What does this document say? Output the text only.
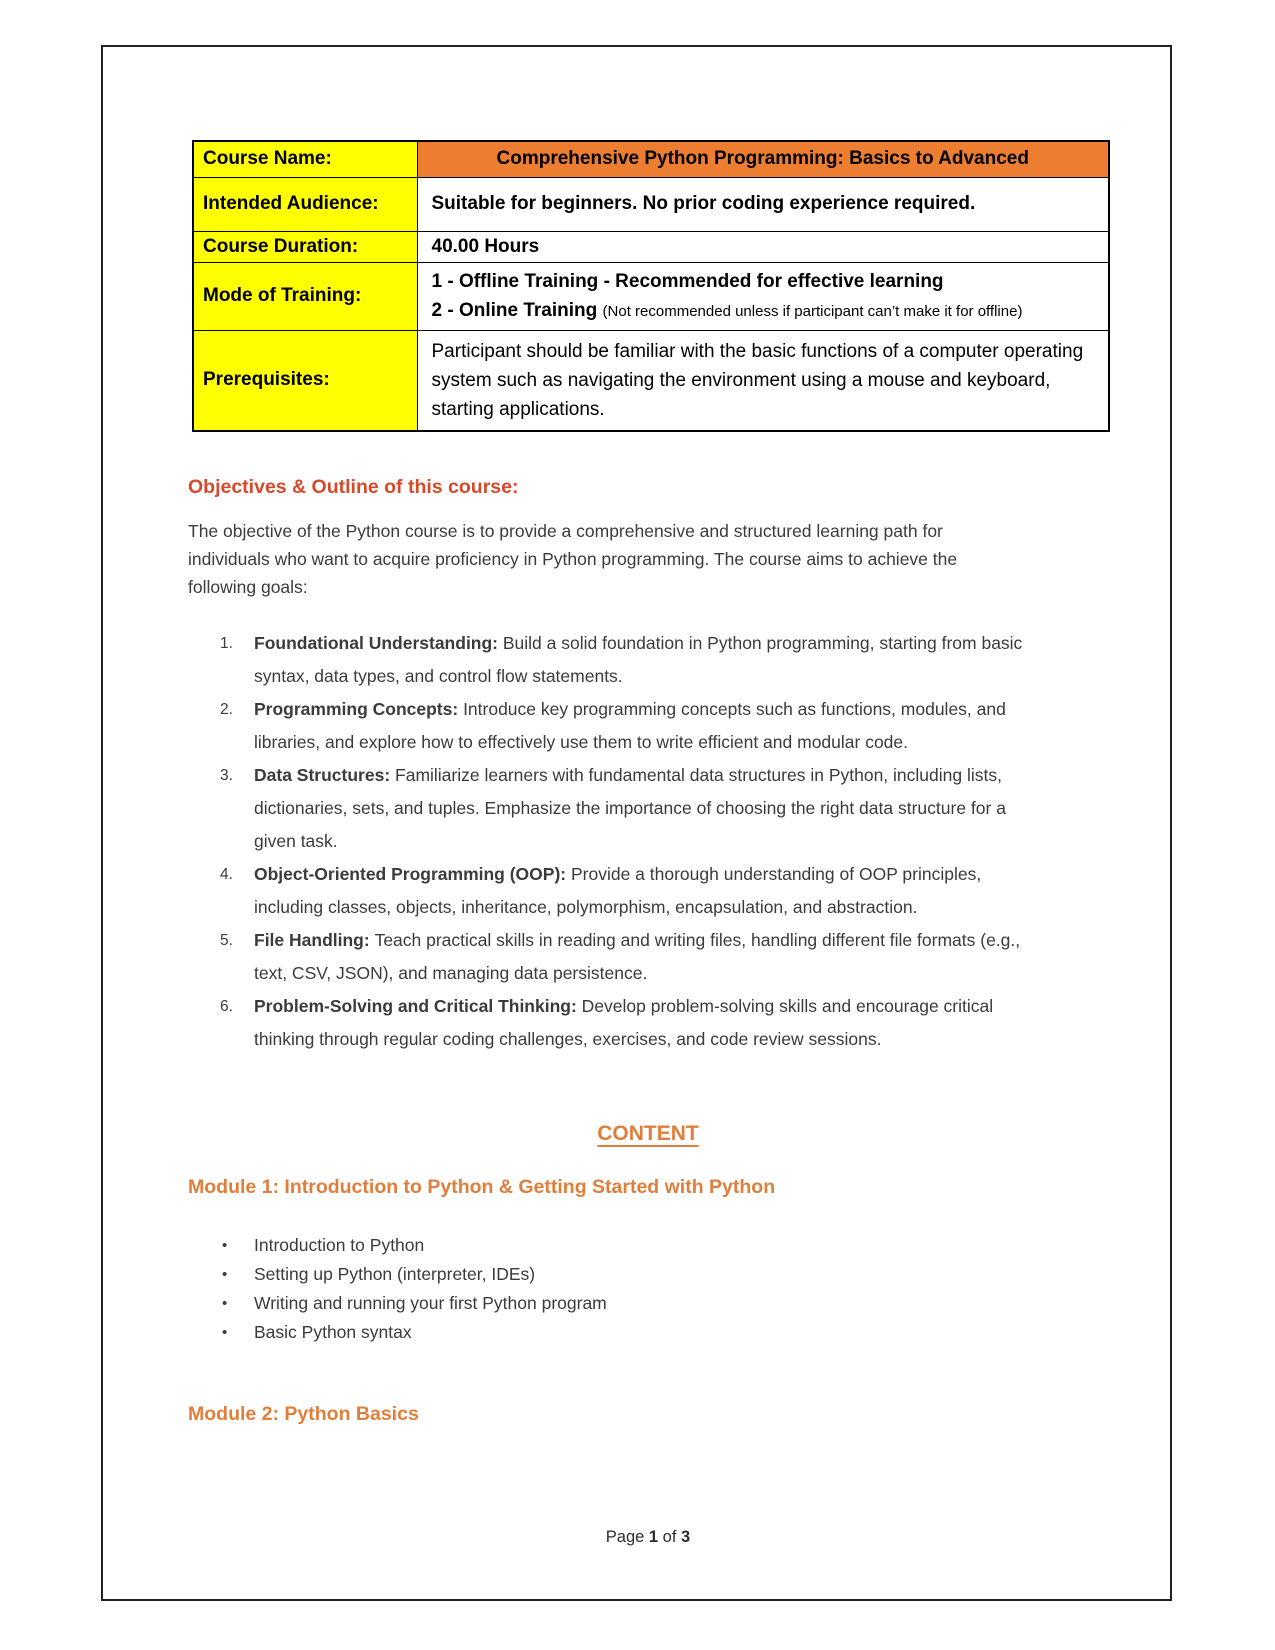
Course Name:	Comprehensive Python Programming: Basics to Advanced
Intended Audience:	Suitable for beginners. No prior coding experience required.
Course Duration:	40.00 Hours
Mode of Training:	1 - Offline Training - Recommended for effective learning
2 - Online Training (Not recommended unless if participant can’t make it for offline)

Prerequisites:	Participant should be familiar with the basic functions of a computer operating system such as navigating the environment using a mouse and keyboard, starting applications.
Objectives & Outline of this course:

The objective of the Python course is to provide a comprehensive and structured learning path for individuals who want to acquire proficiency in Python programming. The course aims to achieve the following goals:

1.	Foundational Understanding: Build a solid foundation in Python programming, starting from basic syntax, data types, and control flow statements.
2.	Programming Concepts: Introduce key programming concepts such as functions, modules, and libraries, and explore how to effectively use them to write efficient and modular code.
3.	Data Structures: Familiarize learners with fundamental data structures in Python, including lists, dictionaries, sets, and tuples. Emphasize the importance of choosing the right data structure for a given task.
4.	Object-Oriented Programming (OOP): Provide a thorough understanding of OOP principles, including classes, objects, inheritance, polymorphism, encapsulation, and abstraction.
5.	File Handling: Teach practical skills in reading and writing files, handling different file formats (e.g., text, CSV, JSON), and managing data persistence.
6.	Problem-Solving and Critical Thinking: Develop problem-solving skills and encourage critical thinking through regular coding challenges, exercises, and code review sessions.
CONTENT
Module 1: Introduction to Python & Getting Started with Python
•	Introduction to Python
•	Setting up Python (interpreter, IDEs)
•	Writing and running your first Python program
•	Basic Python syntax
Module 2: Python Basics
Page 1 of 3
